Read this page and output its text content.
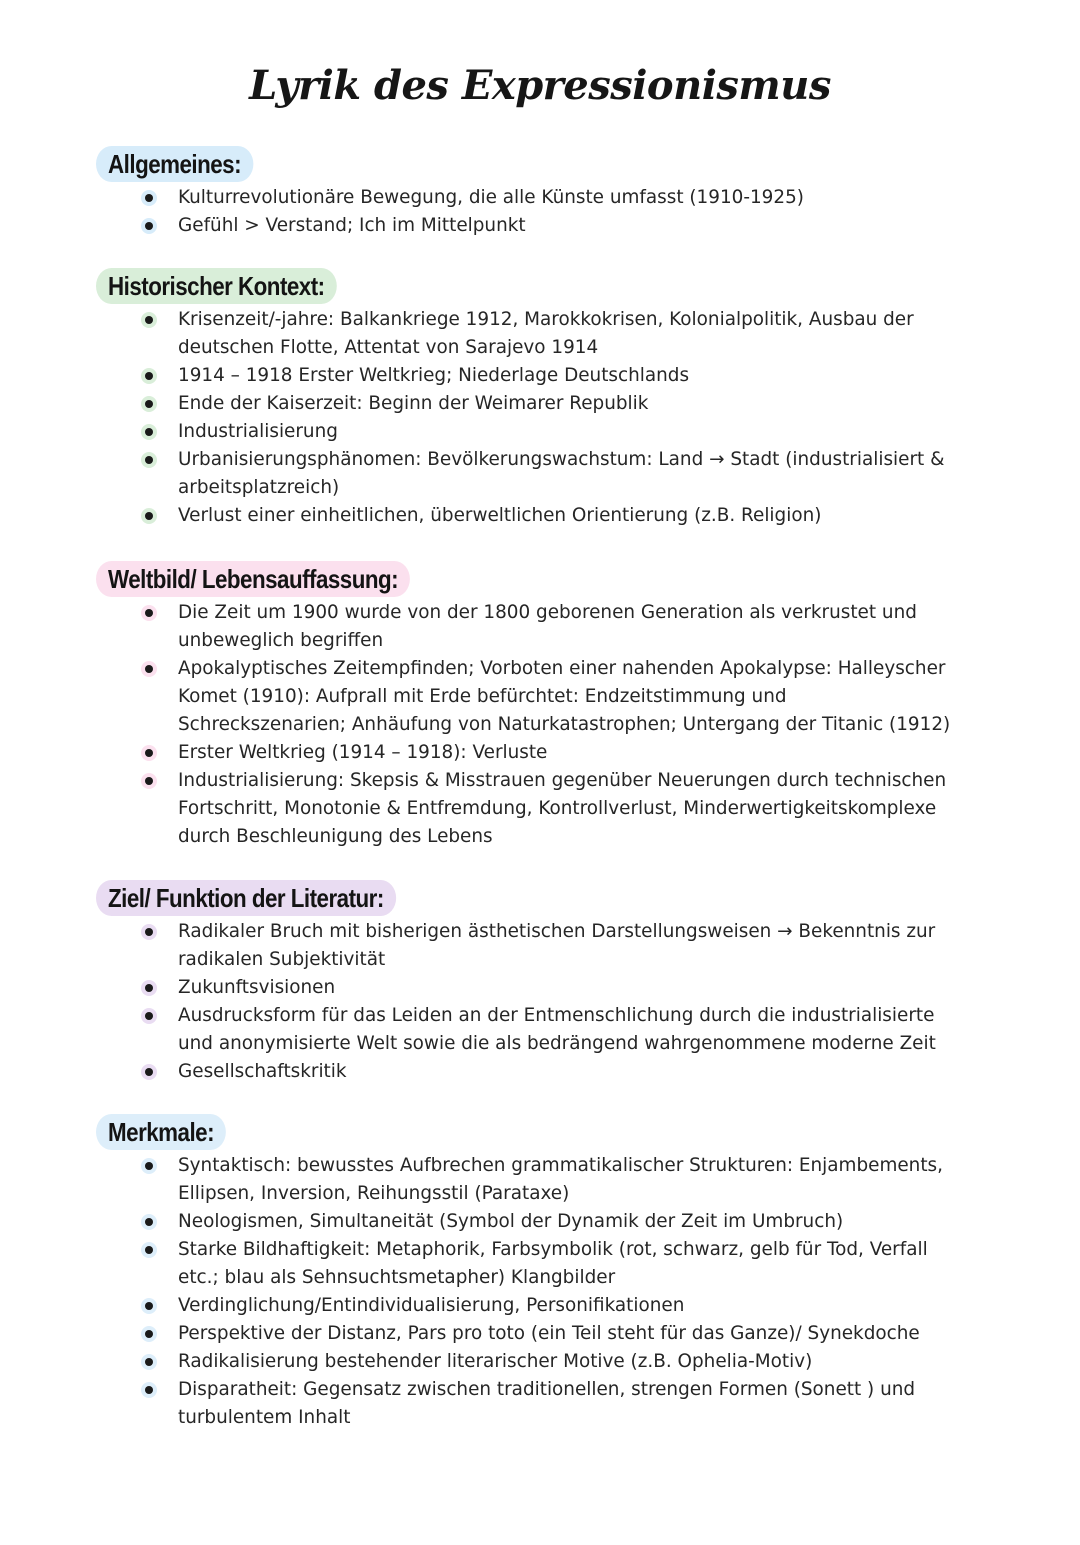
Lyrik des Expressionismus
Allgemeines:
Kulturrevolutionäre Bewegung, die alle Künste umfasst (1910-1925)
Gefühl > Verstand; Ich im Mittelpunkt
Historischer Kontext:
Krisenzeit/-jahre: Balkankriege 1912, Marokkokrisen, Kolonialpolitik, Ausbau der deutschen Flotte, Attentat von Sarajevo 1914
1914 – 1918 Erster Weltkrieg; Niederlage Deutschlands
Ende der Kaiserzeit: Beginn der Weimarer Republik
Industrialisierung
Urbanisierungsphänomen: Bevölkerungswachstum: Land → Stadt (industrialisiert & arbeitsplatzreich)
Verlust einer einheitlichen, überweltlichen Orientierung (z.B. Religion)
Weltbild/ Lebensauffassung:
Die Zeit um 1900 wurde von der 1800 geborenen Generation als verkrustet und unbeweglich begriffen
Apokalyptisches Zeitempfinden; Vorboten einer nahenden Apokalypse: Halleyscher Komet (1910): Aufprall mit Erde befürchtet: Endzeitstimmung und Schreckszenarien; Anhäufung von Naturkatastrophen; Untergang der Titanic (1912)
Erster Weltkrieg (1914 – 1918): Verluste
Industrialisierung: Skepsis & Misstrauen gegenüber Neuerungen durch technischen Fortschritt, Monotonie & Entfremdung, Kontrollverlust, Minderwertigkeitskomplexe durch Beschleunigung des Lebens
Ziel/ Funktion der Literatur:
Radikaler Bruch mit bisherigen ästhetischen Darstellungsweisen → Bekenntnis zur radikalen Subjektivität
Zukunftsvisionen
Ausdrucksform für das Leiden an der Entmenschlichung durch die industrialisierte und anonymisierte Welt sowie die als bedrängend wahrgenommene moderne Zeit
Gesellschaftskritik
Merkmale:
Syntaktisch: bewusstes Aufbrechen grammatikalischer Strukturen: Enjambements, Ellipsen, Inversion, Reihungsstil (Parataxe)
Neologismen, Simultaneität (Symbol der Dynamik der Zeit im Umbruch)
Starke Bildhaftigkeit: Metaphorik, Farbsymbolik (rot, schwarz, gelb für Tod, Verfall etc.; blau als Sehnsuchtsmetapher) Klangbilder
Verdinglichung/Entindividualisierung, Personifikationen
Perspektive der Distanz, Pars pro toto (ein Teil steht für das Ganze)/ Synekdoche
Radikalisierung bestehender literarischer Motive (z.B. Ophelia-Motiv)
Disparatheit: Gegensatz zwischen traditionellen, strengen Formen (Sonett ) und turbulentem Inhalt
